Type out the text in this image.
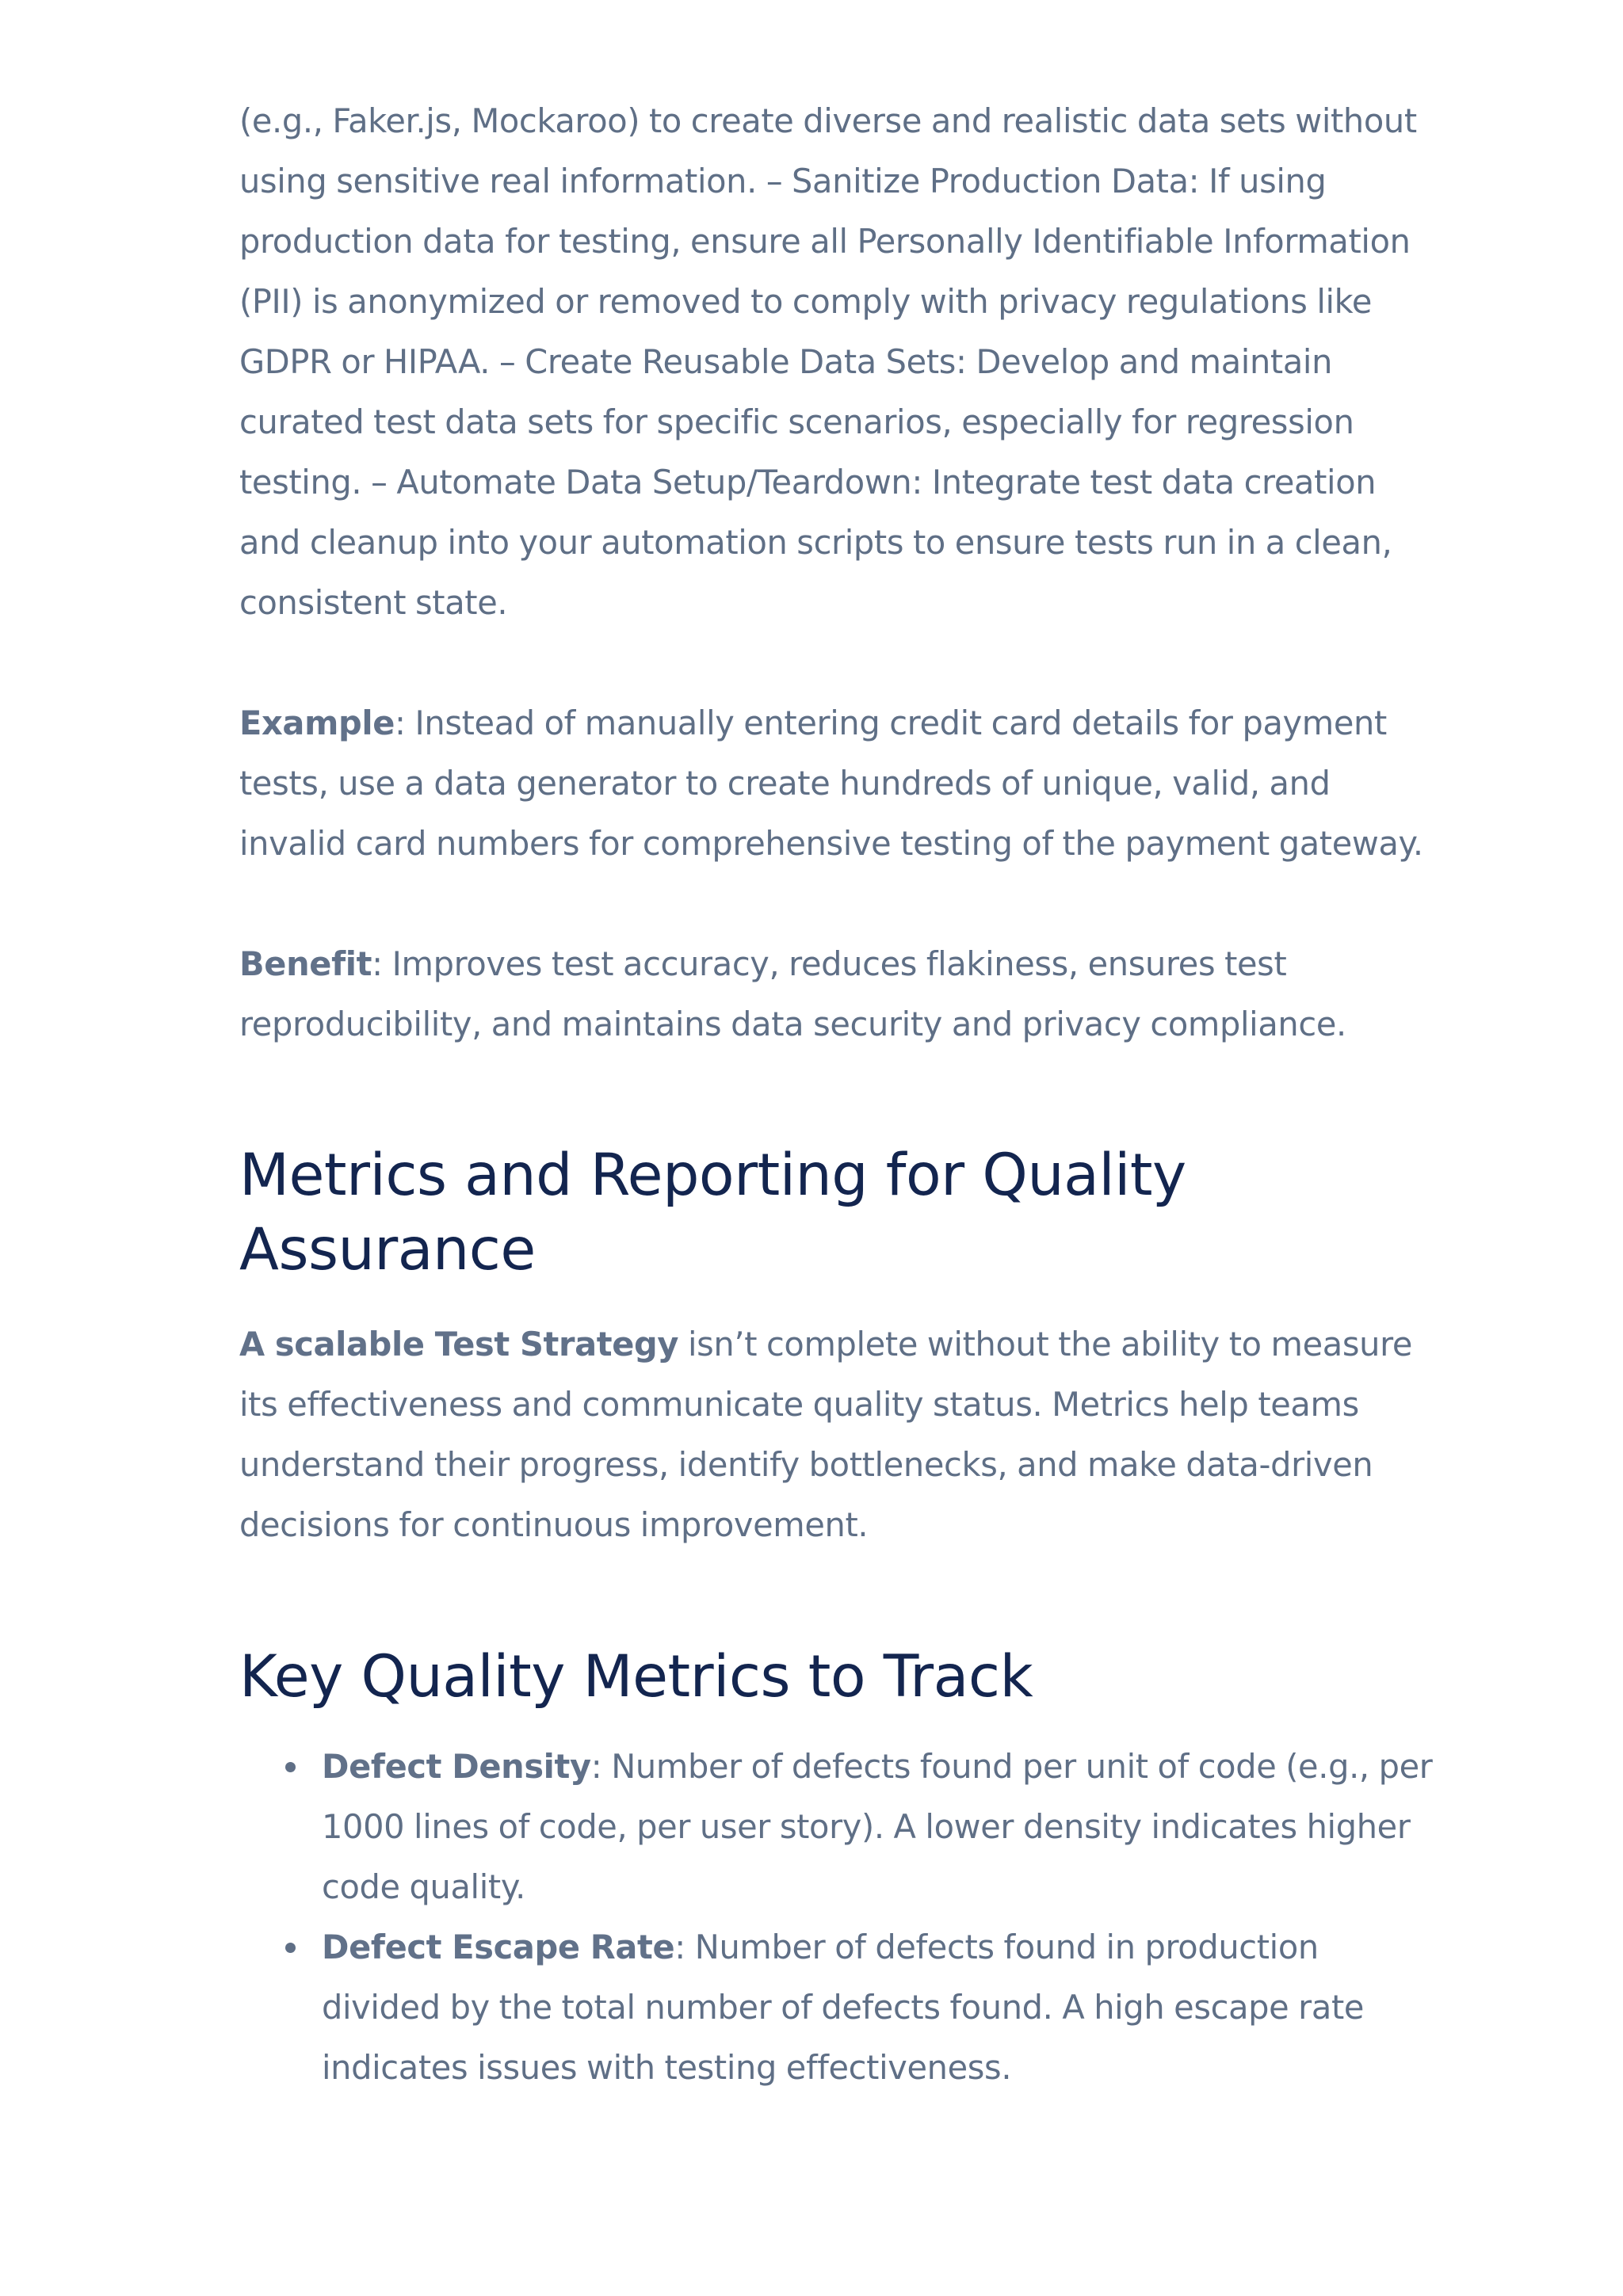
(e.g., Faker.js, Mockaroo) to create diverse and realistic data sets without using sensitive real information. – Sanitize Production Data: If using production data for testing, ensure all Personally Identifiable Information (PII) is anonymized or removed to comply with privacy regulations like GDPR or HIPAA. – Create Reusable Data Sets: Develop and maintain curated test data sets for specific scenarios, especially for regression testing. – Automate Data Setup/Teardown: Integrate test data creation and cleanup into your automation scripts to ensure tests run in a clean, consistent state.

Example: Instead of manually entering credit card details for payment tests, use a data generator to create hundreds of unique, valid, and invalid card numbers for comprehensive testing of the payment gateway.

Benefit: Improves test accuracy, reduces flakiness, ensures test reproducibility, and maintains data security and privacy compliance.

Metrics and Reporting for Quality Assurance

A scalable Test Strategy isn’t complete without the ability to measure its effectiveness and communicate quality status. Metrics help teams understand their progress, identify bottlenecks, and make data-driven decisions for continuous improvement.

Key Quality Metrics to Track
Defect Density: Number of defects found per unit of code (e.g., per 1000 lines of code, per user story). A lower density indicates higher code quality.
Defect Escape Rate: Number of defects found in production divided by the total number of defects found. A high escape rate indicates issues with testing effectiveness.
